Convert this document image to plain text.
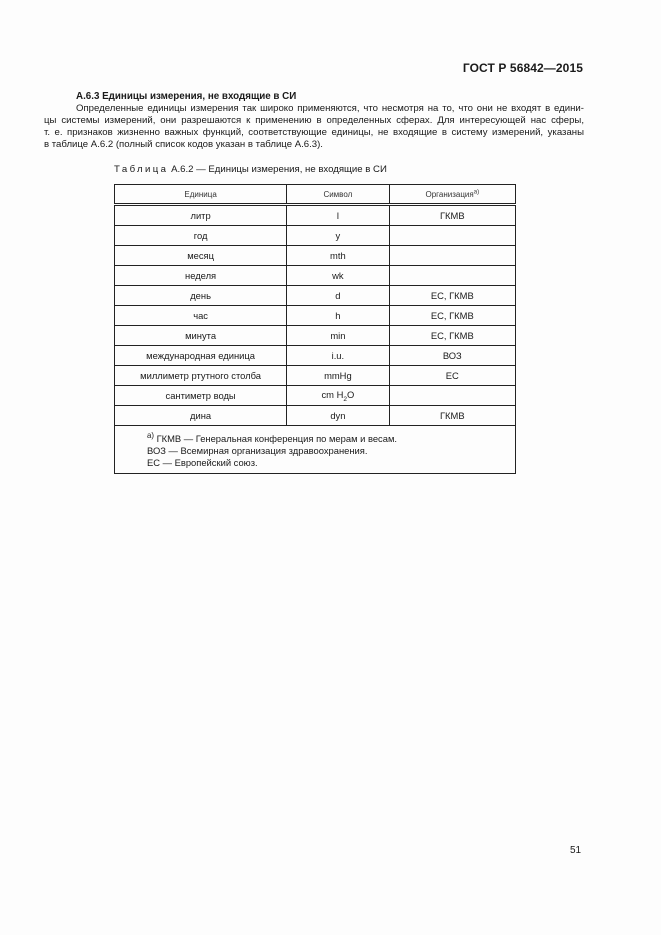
ГОСТ Р 56842—2015
А.6.3 Единицы измерения, не входящие в СИ

Определенные единицы измерения так широко применяются, что несмотря на то, что они не входят в едини-
цы системы измерений, они разрешаются к применению в определенных сферах. Для интересующей нас сферы,
т. е. признаков жизненно важных функций, соответствующие единицы, не входящие в систему измерений, указаны
в таблице А.6.2 (полный список кодов указан в таблице А.6.3).

Таблица А.6.2 — Единицы измерения, не входящие в СИ
Единица	Символ	Организация$^{а)}$
литр	l	ГКМВ
год	y	
месяц	mth	
неделя	wk	
день	d	ЕС, ГКМВ
час	h	ЕС, ГКМВ
минута	min	ЕС, ГКМВ
международная единица	i.u.	ВОЗ
миллиметр ртутного столба	mmHg	ЕС
сантиметр воды	cm $H_2O$	
дина	dyn	ГКМВ

$^{а)}$ ГКМВ — Генеральная конференция по мерам и весам.
ВОЗ — Всемирная организация здравоохранения.
ЕС — Европейский союз.		
51
